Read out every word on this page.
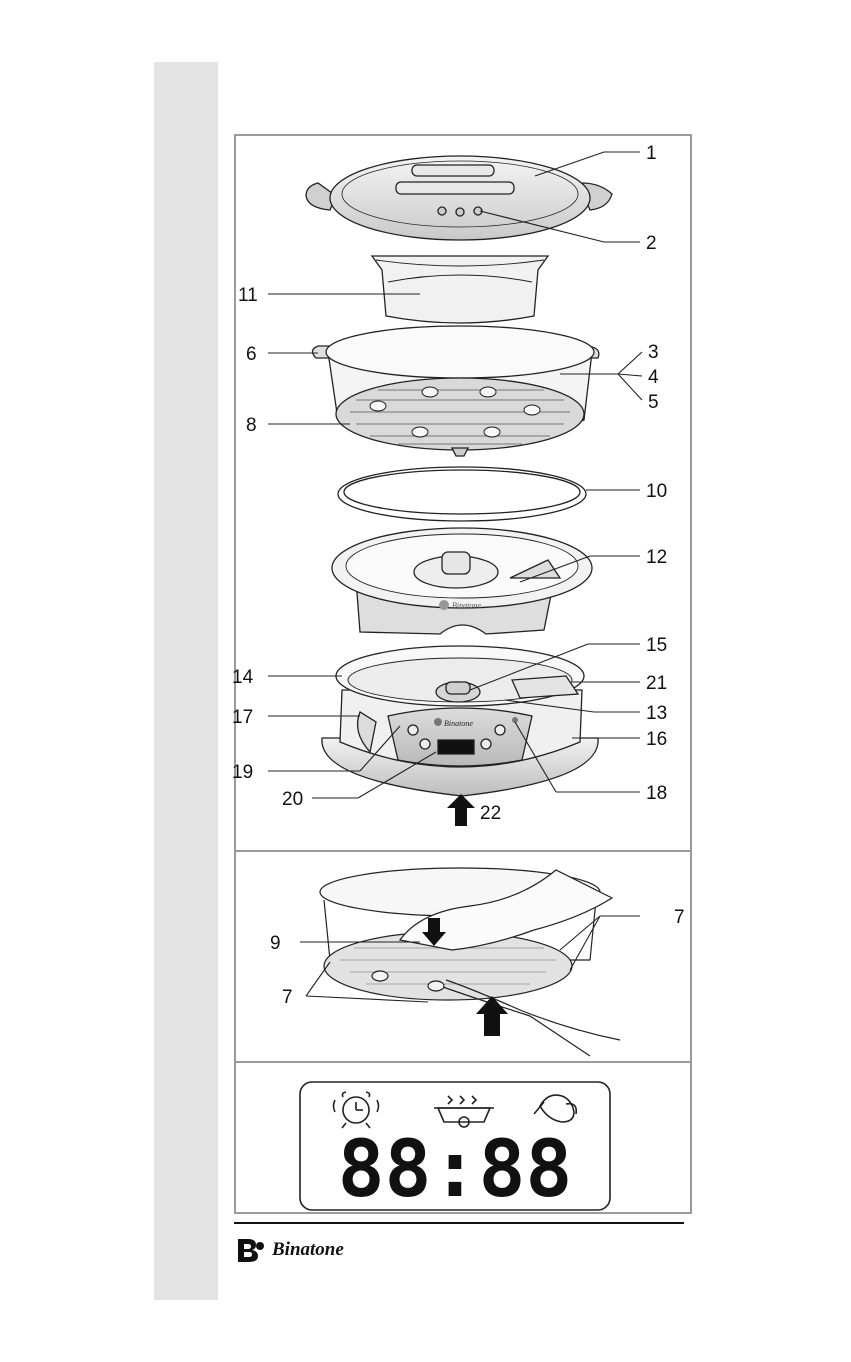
Binatone
Binatone
88:88
1
2
11
6	3
4
5
8
10
12
15
14	21
13
17
16
19
18
20
22
9
7
7
Binatone
